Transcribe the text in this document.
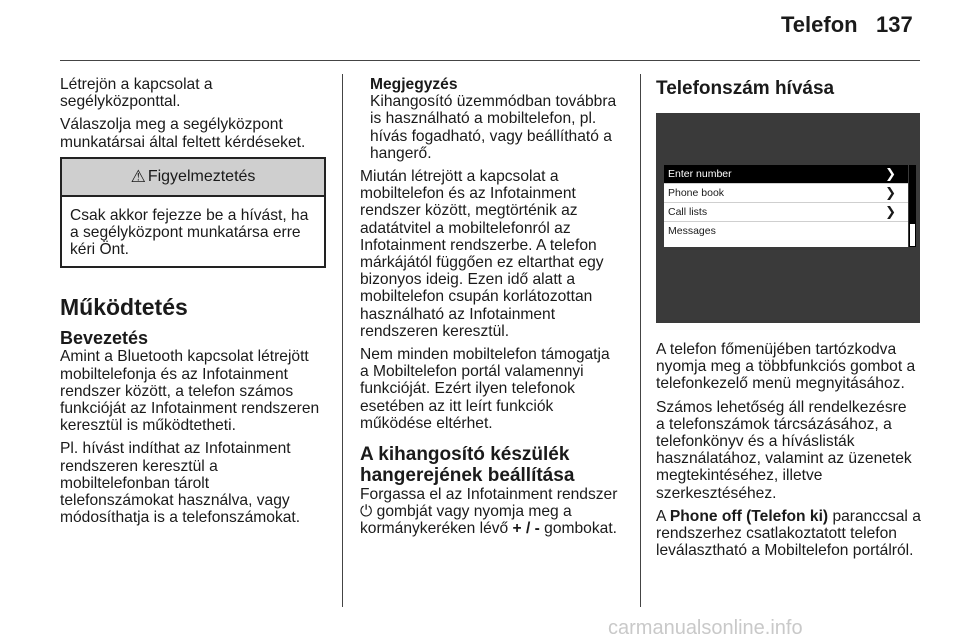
Telefon 137
Létrejön a kapcsolat a
segélyközponttal.
Válaszolja meg a segélyközpont
munkatársai által feltett kérdéseket.
⚠ Figyelmeztetés
Csak akkor fejezze be a hívást, ha
a segélyközpont munkatársa erre
kéri Önt.
Működtetés
Bevezetés
Amint a Bluetooth kapcsolat létrejött
mobiltelefonja és az Infotainment
rendszer között, a telefon számos
funkcióját az Infotainment rendszeren
keresztül is működtetheti.
Pl. hívást indíthat az Infotainment
rendszeren keresztül a
mobiltelefonban tárolt
telefonszámokat használva, vagy
módosíthatja is a telefonszámokat.
Megjegyzés
Kihangosító üzemmódban továbbra
is használható a mobiltelefon, pl.
hívás fogadható, vagy beállítható a
hangerő.
Miután létrejött a kapcsolat a
mobiltelefon és az Infotainment
rendszer között, megtörténik az
adatátvitel a mobiltelefonról az
Infotainment rendszerbe. A telefon
márkájától függően ez eltarthat egy
bizonyos ideig. Ezen idő alatt a
mobiltelefon csupán korlátozottan
használható az Infotainment
rendszeren keresztül.
Nem minden mobiltelefon támogatja
a Mobiltelefon portál valamennyi
funkcióját. Ezért ilyen telefonok
esetében az itt leírt funkciók
működése eltérhet.
A kihangosító készülék
hangerejének beállítása
Forgassa el az Infotainment rendszer
⏻ gombját vagy nyomja meg a
kormánykeréken lévő + / - gombokat.
Telefonszám hívása
Enter number	❯
Phone book	❯
Call lists	❯
Messages
A telefon főmenüjében tartózkodva
nyomja meg a többfunkciós gombot a
telefonkezelő menü megnyitásához.
Számos lehetőség áll rendelkezésre
a telefonszámok tárcsázásához, a
telefonkönyv és a híváslisták
használatához, valamint az üzenetek
megtekintéséhez, illetve
szerkesztéséhez.
A Phone off (Telefon ki) paranccsal a
rendszerhez csatlakoztatott telefon
leválasztható a Mobiltelefon portálról.
carmanualsonline.info
